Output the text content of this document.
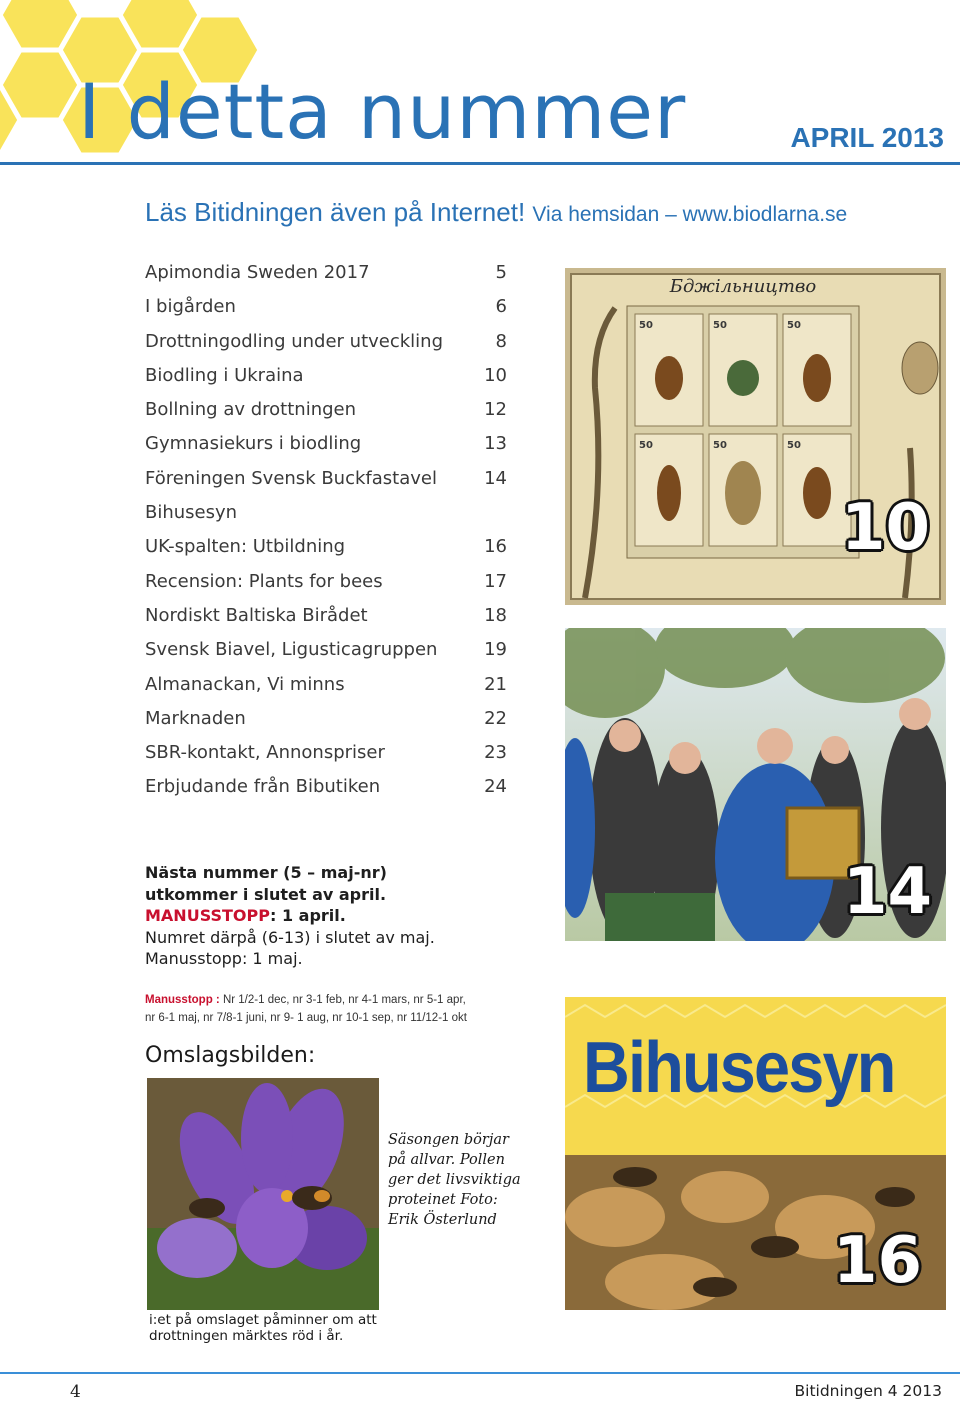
I detta nummer	APRIL 2013
Läs Bitidningen även på Internet! Via hemsidan – www.biodlarna.se
Apimondia Sweden 2017	5
I bigården	6
Drottningodling under utveckling	8
Biodling i Ukraina	10
Bollning av drottningen	12
Gymnasiekurs i biodling	13
Föreningen Svensk Buckfastavel	14
Bihusesyn
UK-spalten: Utbildning	16
Recension: Plants for bees	17
Nordiskt Baltiska Birådet	18
Svensk Biavel, Ligusticagruppen	19
Almanackan, Vi minns	21
Marknaden	22
SBR-kontakt, Annonspriser	23
Erbjudande från Bibutiken	24
50	50	50
50	50	50
Бджільництво
10
14
Bihusesyn
16
Nästa nummer (5 – maj-nr)
utkommer i slutet av april.
MANUSSTOPP: 1 april.
Numret därpå (6-13) i slutet av maj.
Manusstopp: 1 maj.
Manusstopp : Nr 1/2-1 dec, nr 3-1 feb, nr 4-1 mars, nr 5-1 apr,
nr 6-1 maj, nr 7/8-1 juni, nr 9- 1 aug, nr 10-1 sep, nr 11/12-1 okt
Omslagsbilden:
Säsongen börjar på allvar. Pollen ger det livsviktiga proteinet Foto: Erik Österlund
i:et på omslaget påminner om att
drottningen märktes röd i år.
4	Bitidningen 4 2013
